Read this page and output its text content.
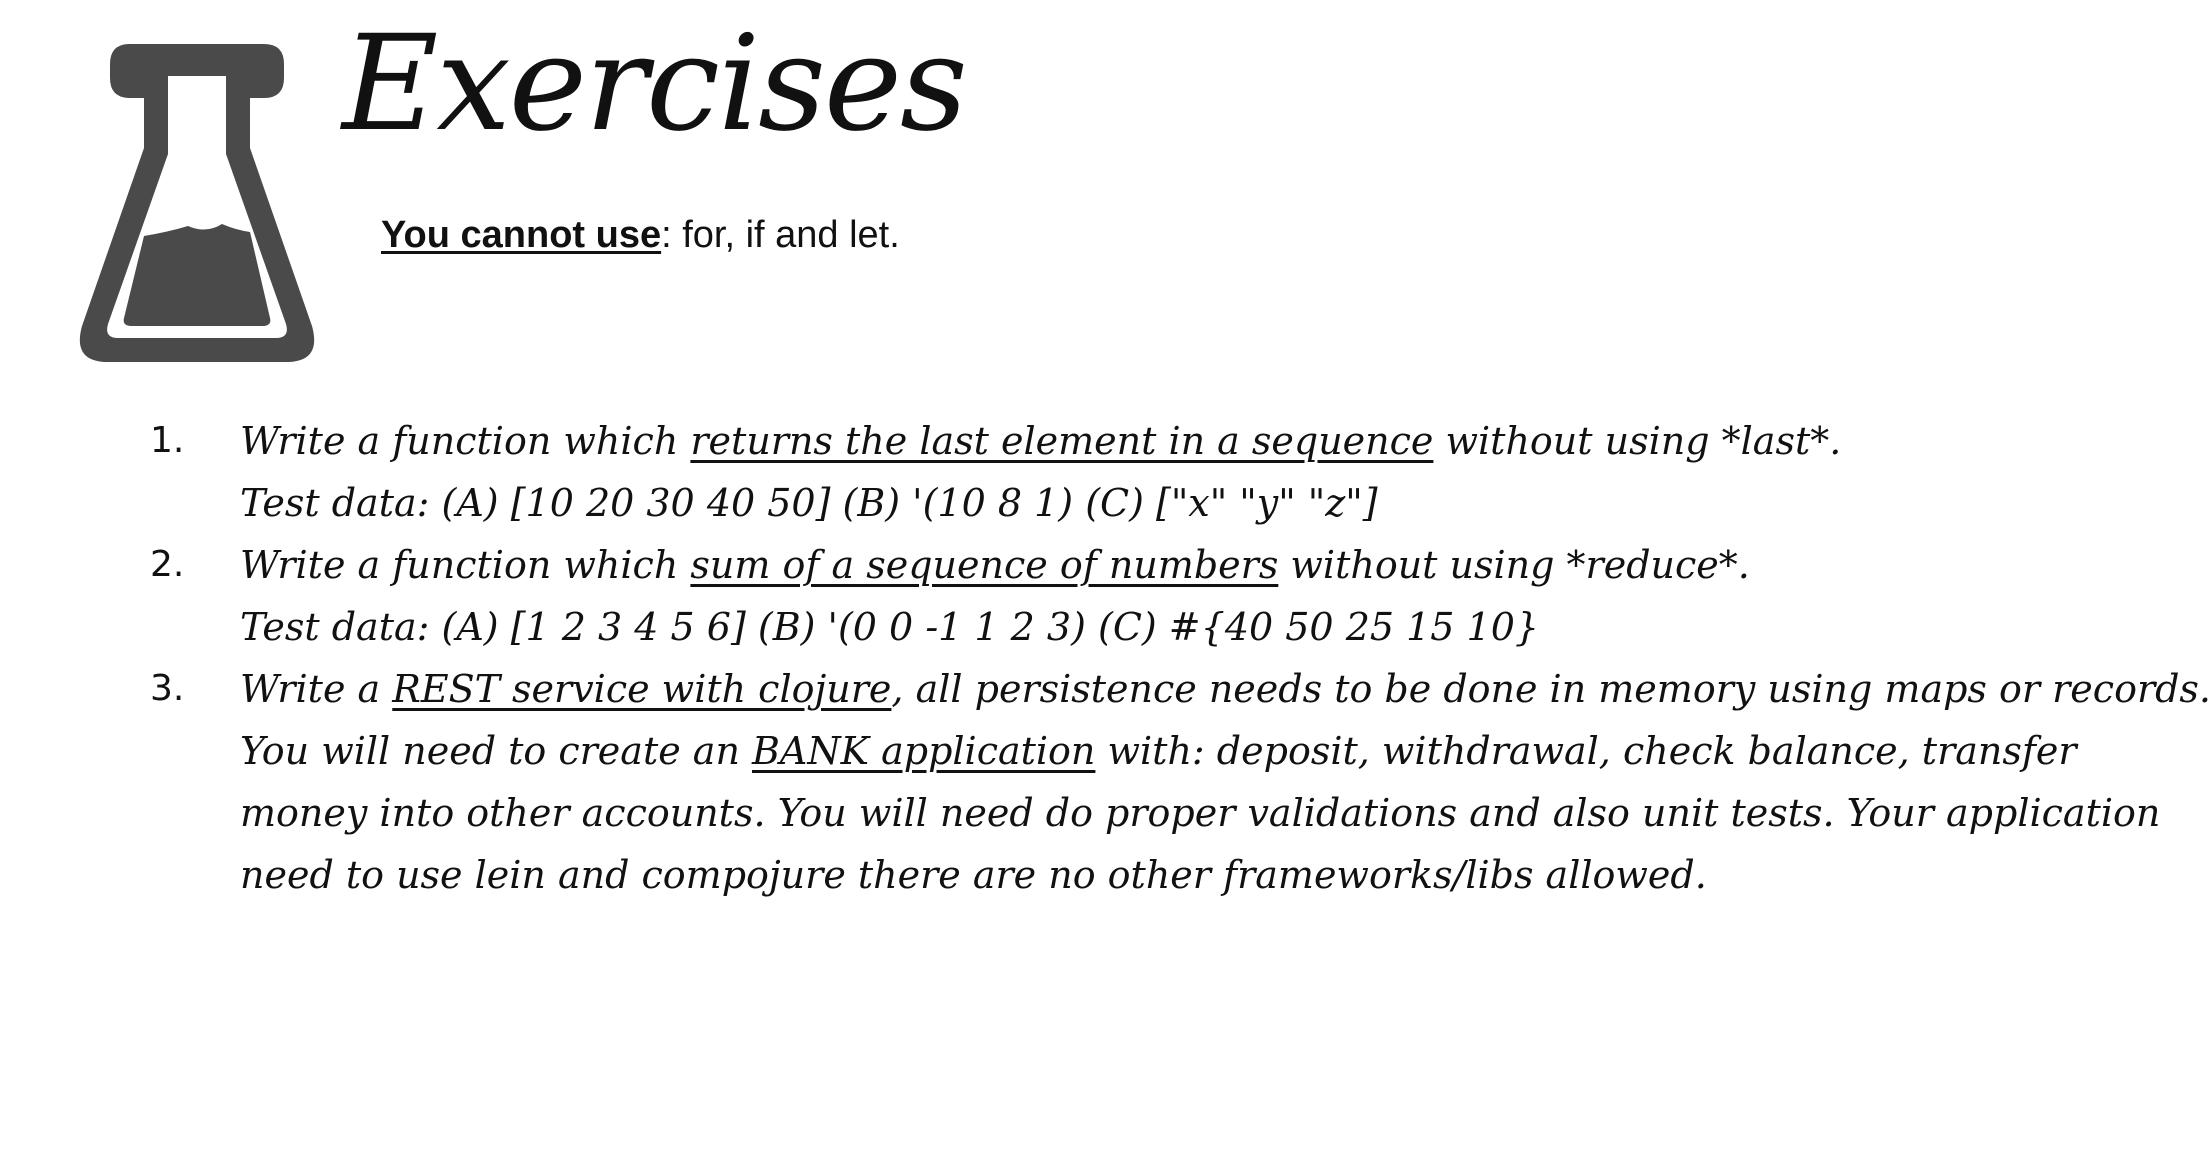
Exercises
You cannot use: for, if and let.
1.	Write a function which returns the last element in a sequence without using *last*.
Test data: (A) [10 20 30 40 50] (B) '(10 8 1) (C) ["x" "y" "z"]
2.	Write a function which sum of a sequence of numbers without using *reduce*.
Test data: (A) [1 2 3 4 5 6] (B) '(0 0 -1 1 2 3) (C) #{40 50 25 15 10}
3.	Write a REST service with clojure, all persistence needs to be done in memory using maps or records.
You will need to create an BANK application with: deposit, withdrawal, check balance, transfer
money into other accounts. You will need do proper validations and also unit tests. Your application
need to use lein and compojure there are no other frameworks/libs allowed.
